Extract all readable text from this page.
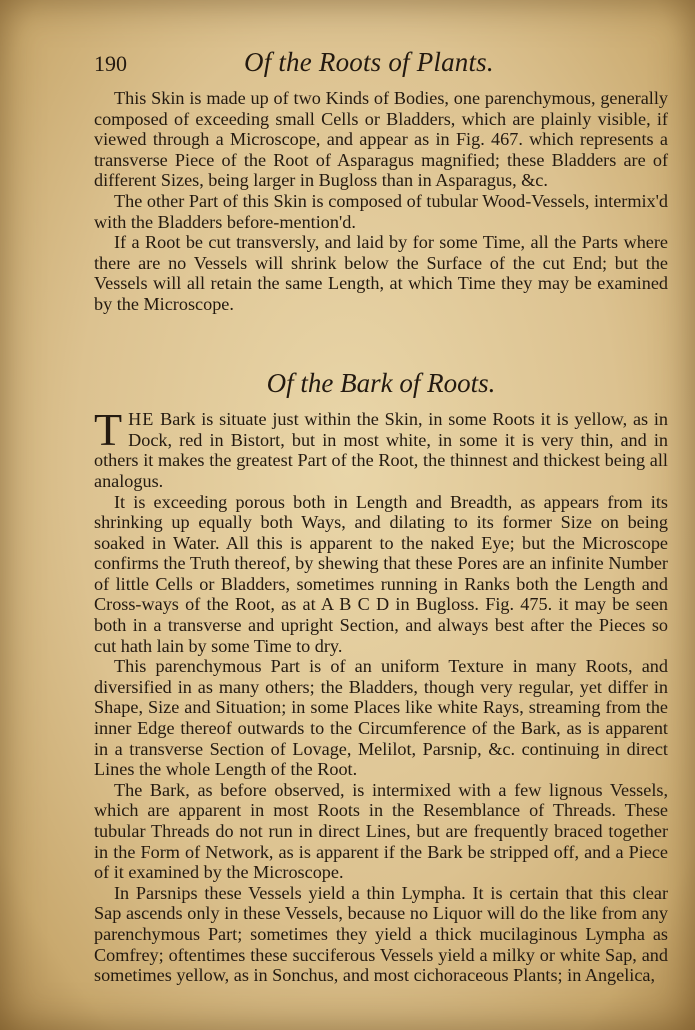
190	Of the Roots of Plants.

This Skin is made up of two Kinds of Bodies, one parenchymous, generally composed of exceeding small Cells or Bladders, which are plainly visible, if viewed through a Microscope, and appear as in Fig. 467. which represents a transverse Piece of the Root of Asparagus magnified; these Bladders are of different Sizes, being larger in Bugloss than in Asparagus, &c.

The other Part of this Skin is composed of tubular Wood-Vessels, intermix'd with the Bladders before-mention'd.

If a Root be cut transversly, and laid by for some Time, all the Parts where there are no Vessels will shrink below the Surface of the cut End; but the Vessels will all retain the same Length, at which Time they may be examined by the Microscope.

Of the Bark of Roots.

THE Bark is situate just within the Skin, in some Roots it is yellow, as in Dock, red in Bistort, but in most white, in some it is very thin, and in others it makes the greatest Part of the Root, the thinnest and thickest being all analogus.

It is exceeding porous both in Length and Breadth, as appears from its shrinking up equally both Ways, and dilating to its former Size on being soaked in Water. All this is apparent to the naked Eye; but the Microscope confirms the Truth thereof, by shewing that these Pores are an infinite Number of little Cells or Bladders, sometimes running in Ranks both the Length and Cross-ways of the Root, as at A B C D in Bugloss. Fig. 475. it may be seen both in a transverse and upright Section, and always best after the Pieces so cut hath lain by some Time to dry.

This parenchymous Part is of an uniform Texture in many Roots, and diversified in as many others; the Bladders, though very regular, yet differ in Shape, Size and Situation; in some Places like white Rays, streaming from the inner Edge thereof outwards to the Circumference of the Bark, as is apparent in a transverse Section of Lovage, Melilot, Parsnip, &c. continuing in direct Lines the whole Length of the Root.

The Bark, as before observed, is intermixed with a few lignous Vessels, which are apparent in most Roots in the Resemblance of Threads. These tubular Threads do not run in direct Lines, but are frequently braced together in the Form of Network, as is apparent if the Bark be stripped off, and a Piece of it examined by the Microscope.

In Parsnips these Vessels yield a thin Lympha. It is certain that this clear Sap ascends only in these Vessels, because no Liquor will do the like from any parenchymous Part; sometimes they yield a thick mucilaginous Lympha as Comfrey; oftentimes these succiferous Vessels yield a milky or white Sap, and sometimes yellow, as in Sonchus, and most cichoraceous Plants; in Angelica,
